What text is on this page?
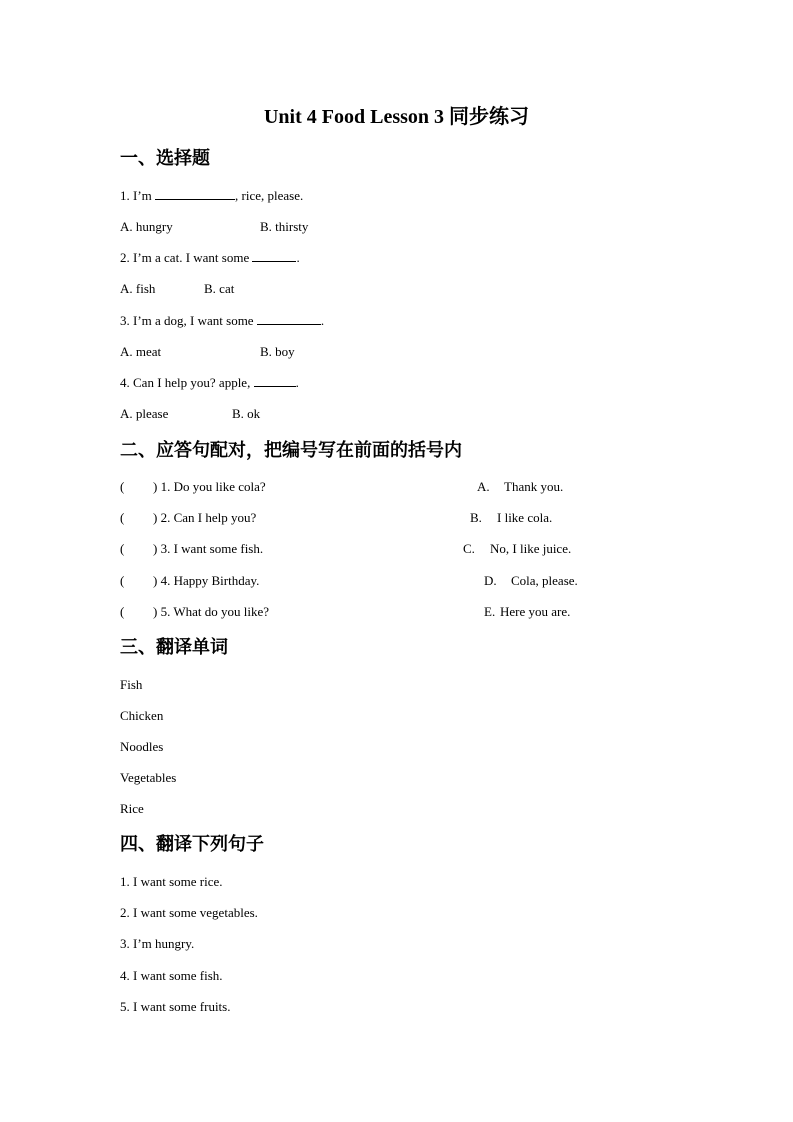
Unit 4 Food Lesson 3 同步练习
一、选择题
1. I’m	, rice, please.
A. hungry	B. thirsty
2. I’m a cat. I want some	.
A. fish	B. cat
3. I’m a dog, I want some	.
A. meat	B. boy
4. Can I help you? apple,	.
A. please	B. ok
二、应答句配对，把编号写在前面的括号内
( ) 1. Do you like cola?	A. Thank you.
( ) 2. Can I help you?	B. I like cola.
( ) 3. I want some fish.	C. No, I like juice.
( ) 4. Happy Birthday.	D. Cola, please.
( ) 5. What do you like?	E. Here you are.
三、翻译单词
Fish
Chicken
Noodles
Vegetables
Rice
四、翻译下列句子
1. I want some rice.
2. I want some vegetables.
3. I’m hungry.
4. I want some fish.
5. I want some fruits.
